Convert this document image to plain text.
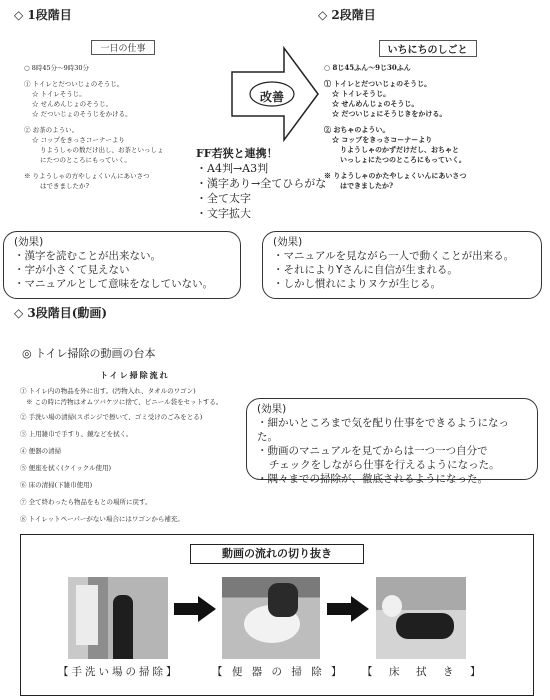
◇ 1段階目	◇ 2段階目
一日の仕事
○ 8時45分～9時30分
① トイレとだついじょのそうじ。
☆ トイレそうじ。
☆ せんめんじょのそうじ。
☆ だついじょのそうじをかける。
② お茶のようい。
☆ コップをきっさコーナーより
りようしゃの数だけ出し、お茶といっしょ
にたつのところにもっていく。
※ りようしゃの方やしょくいんにあいさつ
はできましたか?
いちにちのしごと
○ 8じ45ふん～9じ30ふん
① トイレとだついじょのそうじ。
☆ トイレそうじ。
☆ せんめんじょのそうじ。
☆ だついじょにそうじきをかける。
② おちゃのようい。
☆ コップをきっさコーナーより
りようしゃのかずだけだし、おちゃと
いっしょにたつのところにもっていく。
※ りようしゃのかたやしょくいんにあいさつ
はできましたか?
改善
FF若狭と連携！
・ A4判→A3判
・ 漢字あり→全てひらがな
・ 全て太字
・ 文字拡大
(効果)
・ 漢字を読むことが出来ない。
・ 字が小さくて見えない
・ マニュアルとして意味をなしていない。
(効果)
・ マニュアルを見ながら一人で動くことが出来る。
・ それによりYさんに自信が生まれる。
・ しかし慣れによりヌケが生じる。
◇ 3段階目(動画)
◎ トイレ掃除の動画の台本
トイレ掃除流れ
① トイレ内の物品を外に出す。(汚物入れ、タオルのワゴン)
※ この時に汚物はオムツバケツに捨て、ビニール袋をセットする。
② 手洗い場の清掃(スポンジで擦いて、ゴミ受けのごみをとる)
③ 上用雑巾で手すり、鏡などを拭く。
④ 便器の清掃
⑤ 便座を拭く(クイックル使用)
⑥ 床の清掃(下雑巾使用)
⑦ 全て終わったら物品をもとの場所に戻す。
⑧ トイレットペーパーがない場合にはワゴンから補充。
(効果)
・ 細かいところまで気を配り仕事をできるようになった。
・ 動画のマニュアルを見てからは一つ一つ自分で
チェックをしながら仕事を行えるようになった。
・ 隅々までの掃除が、徹底されるようになった。
動画の流れの切り抜き
【手洗い場の掃除】	【 便 器 の 掃 除 】 【　床　拭　き　】
